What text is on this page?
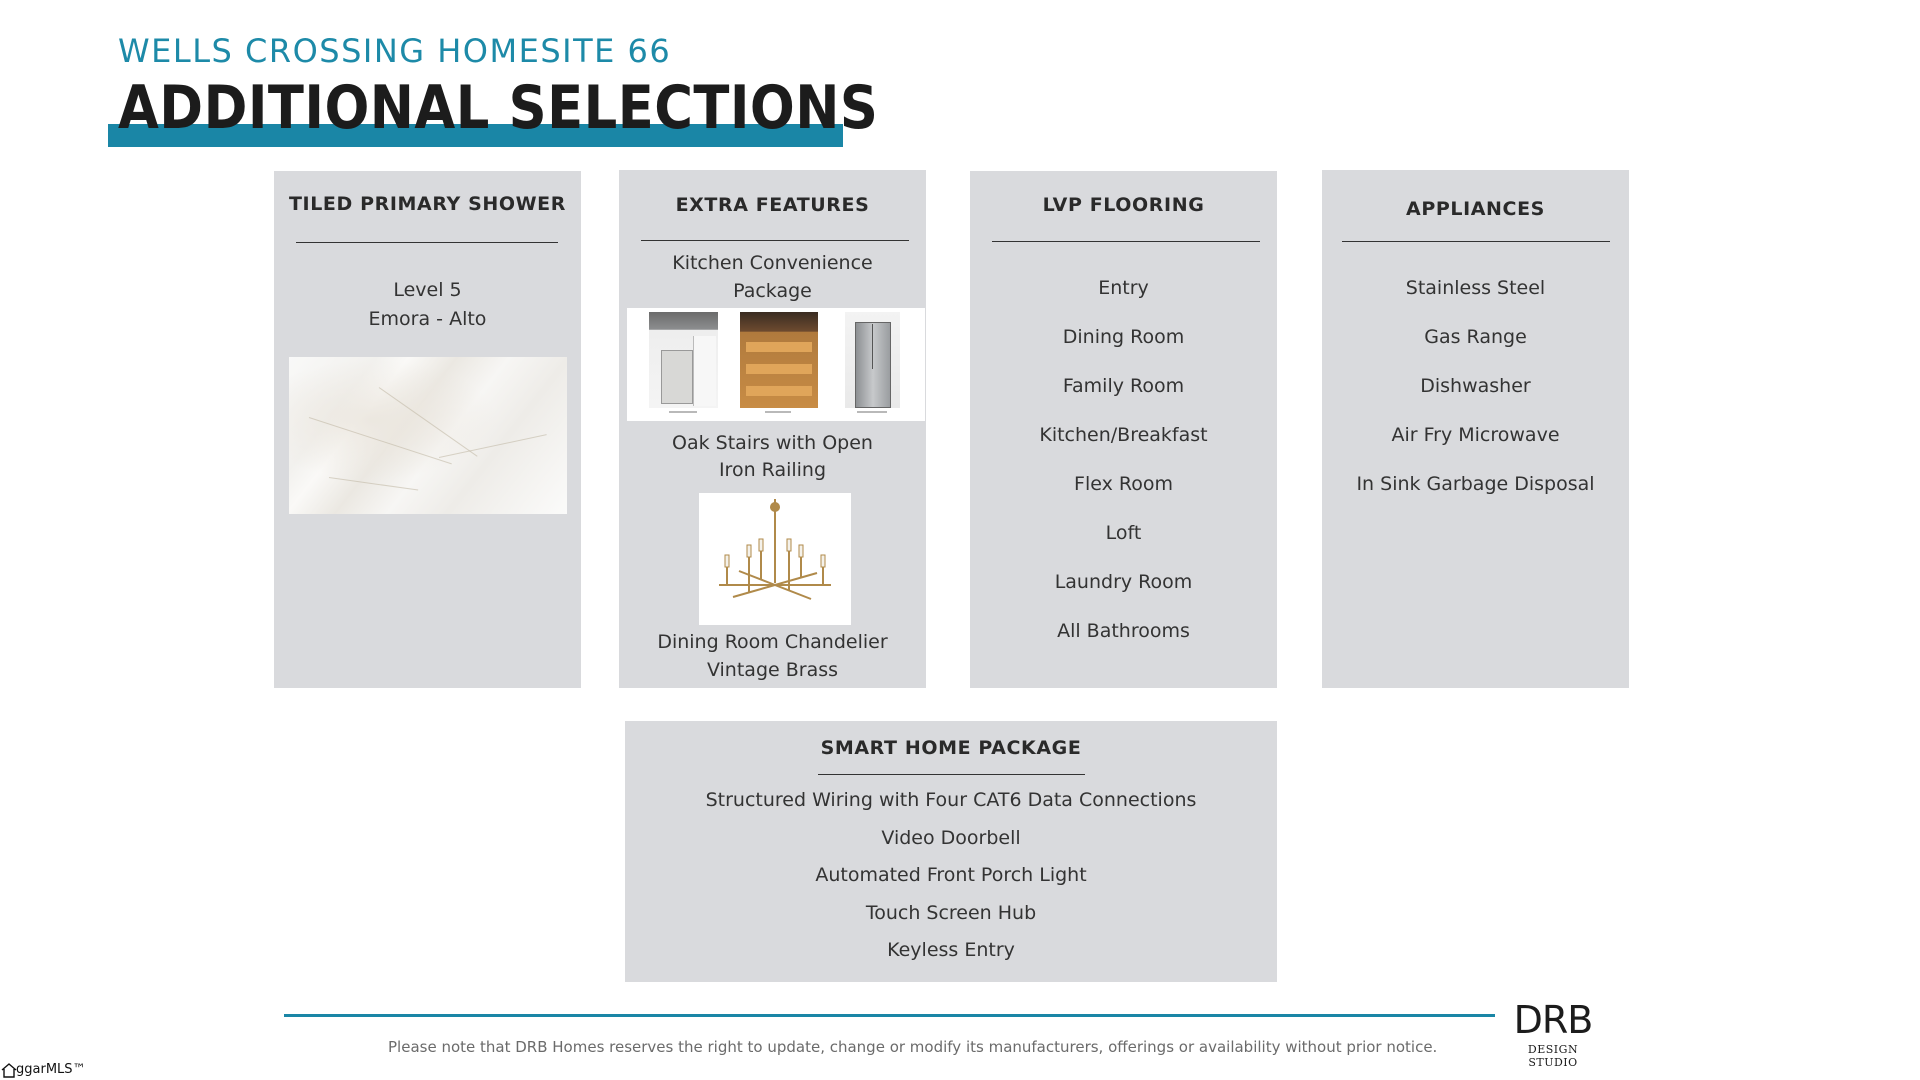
WELLS CROSSING HOMESITE 66
ADDITIONAL SELECTIONS
TILED PRIMARY SHOWER
Level 5
Emora - Alto
EXTRA FEATURES
Kitchen Convenience
Package
Oak Stairs with Open
Iron Railing
Dining Room Chandelier
Vintage Brass
LVP FLOORING
Entry
Dining Room
Family Room
Kitchen/Breakfast
Flex Room
Loft
Laundry Room
All Bathrooms
APPLIANCES
Stainless Steel
Gas Range
Dishwasher
Air Fry Microwave
In Sink Garbage Disposal
SMART HOME PACKAGE
Structured Wiring with Four CAT6 Data Connections
Video Doorbell
Automated Front Porch Light
Touch Screen Hub
Keyless Entry
Please note that DRB Homes reserves the right to update, change or modify its manufacturers, offerings or availability without prior notice.
DRB
DESIGN STUDIO
ggarMLS™
